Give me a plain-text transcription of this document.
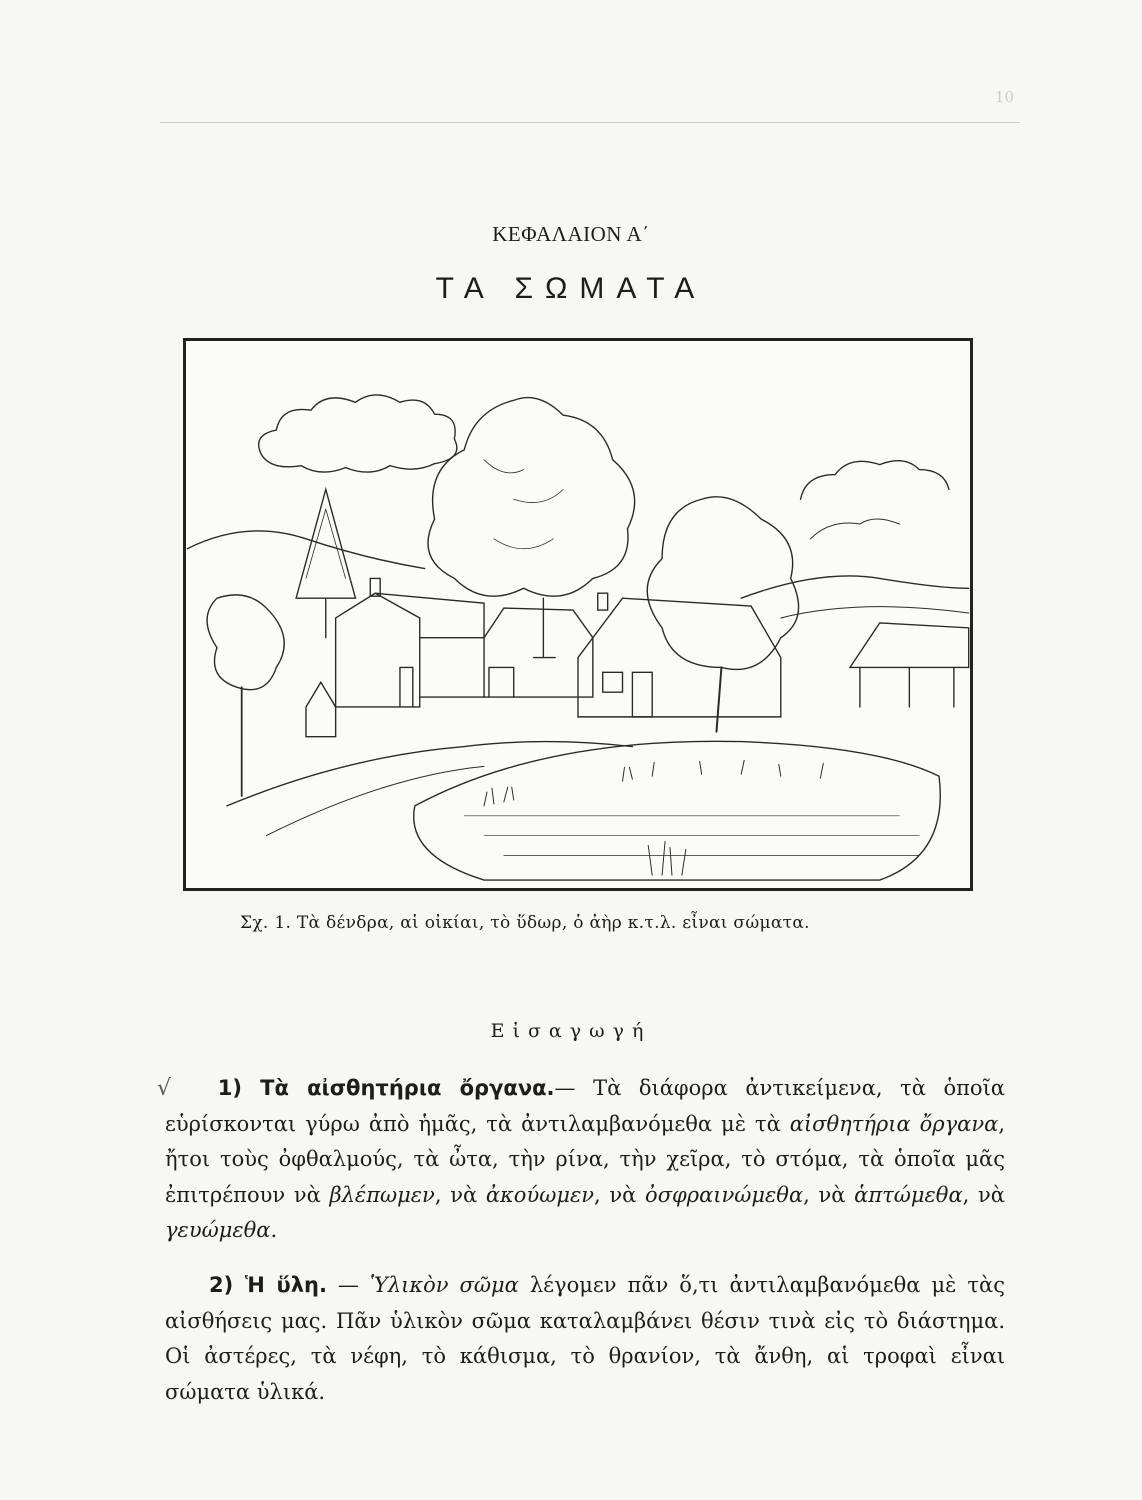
10
ΚΕΦΑΛΑΙΟΝ Α΄
ΤΑ ΣΩΜΑΤΑ
Σχ. 1. Τὰ δένδρα, αἱ οἰκίαι, τὸ ὕδωρ, ὁ ἀὴρ κ.τ.λ. εἶναι σώματα.
Εἰσαγωγή
√ 1) Τὰ αἰσθητήρια ὄργανα.— Τὰ διάφορα ἀντικείμενα, τὰ ὁποῖα εὑρίσκονται γύρω ἀπὸ ἡμᾶς, τὰ ἀντιλαμβανόμεθα μὲ τὰ αἰσθητήρια ὄργανα, ἤτοι τοὺς ὀφθαλμούς, τὰ ὦτα, τὴν ρίνα, τὴν χεῖρα, τὸ στόμα, τὰ ὁποῖα μᾶς ἐπιτρέπουν νὰ βλέπωμεν, νὰ ἀκούωμεν, νὰ ὀσφραινώμεθα, νὰ ἁπτώμεθα, νὰ γευώμεθα.
2) Ἡ ὕλη. — Ὑλικὸν σῶμα λέγομεν πᾶν ὅ,τι ἀντιλαμβανόμεθα μὲ τὰς αἰσθήσεις μας. Πᾶν ὑλικὸν σῶμα καταλαμβάνει θέσιν τινὰ εἰς τὸ διάστημα. Οἱ ἀστέρες, τὰ νέφη, τὸ κάθισμα, τὸ θρανίον, τὰ ἄνθη, αἱ τροφαὶ εἶναι σώματα ὑλικά.
